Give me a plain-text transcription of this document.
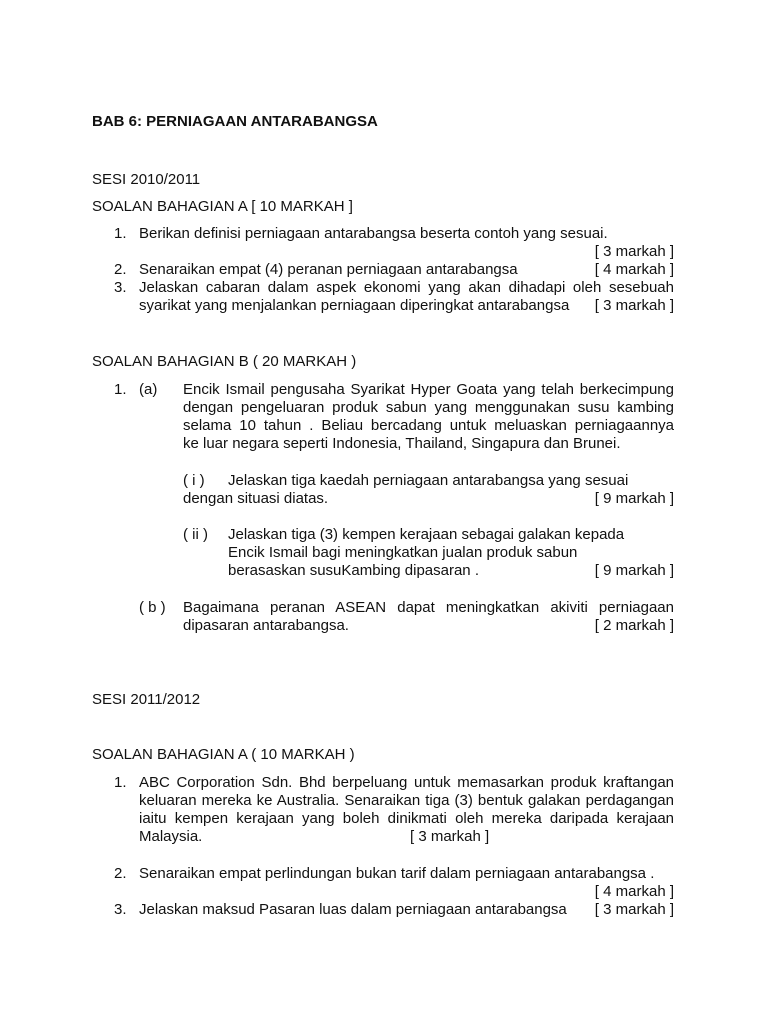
BAB 6: PERNIAGAAN ANTARABANGSA
SESI 2010/2011
SOALAN BAHAGIAN A [ 10 MARKAH ]
1. Berikan definisi perniagaan antarabangsa beserta contoh yang sesuai.
[ 3 markah ]
2. Senaraikan empat (4) peranan perniagaan antarabangsa	[ 4 markah ]
3. Jelaskan cabaran dalam aspek ekonomi yang akan dihadapi oleh sesebuah
syarikat yang menjalankan perniagaan diperingkat antarabangsa [ 3 markah ]
SOALAN BAHAGIAN B ( 20 MARKAH )
1. (a) Encik Ismail pengusaha Syarikat Hyper Goata yang telah berkecimpung
dengan pengeluaran produk sabun yang menggunakan susu kambing
selama 10 tahun . Beliau bercadang untuk meluaskan perniagaannya
ke luar negara seperti Indonesia, Thailand, Singapura dan Brunei.
( i ) Jelaskan tiga kaedah perniagaan antarabangsa yang sesuai
dengan situasi diatas.	[ 9 markah ]
( ii ) Jelaskan tiga (3) kempen kerajaan sebagai galakan kepada
Encik Ismail bagi meningkatkan jualan produk sabun
berasaskan susuKambing dipasaran .	[ 9 markah ]
( b ) Bagaimana peranan ASEAN dapat meningkatkan akiviti perniagaan
dipasaran antarabangsa.	[ 2 markah ]
SESI 2011/2012
SOALAN BAHAGIAN A ( 10 MARKAH )
1. ABC Corporation Sdn. Bhd berpeluang untuk memasarkan produk kraftangan
keluaran mereka ke Australia. Senaraikan tiga (3) bentuk galakan perdagangan
iaitu kempen kerajaan yang boleh dinikmati oleh mereka daripada kerajaan
Malaysia.	[ 3 markah ]
2. Senaraikan empat perlindungan bukan tarif dalam perniagaan antarabangsa .
[ 4 markah ]
3. Jelaskan maksud Pasaran luas dalam perniagaan antarabangsa [ 3 markah ]
